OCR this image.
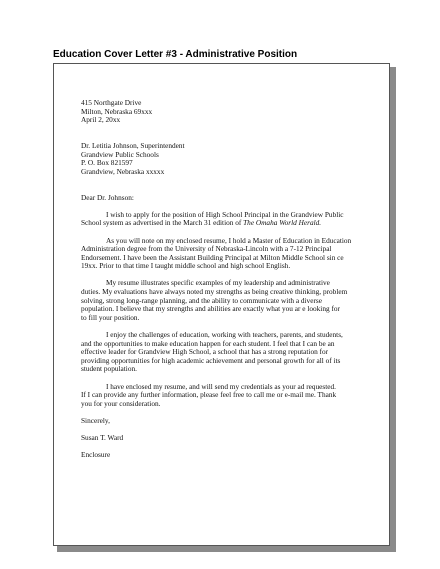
Education Cover Letter #3 - Administrative Position
415 Northgate Drive
Milton, Nebraska 69xxx
April 2, 20xx
Dr. Letitia Johnson, Superintendent
Grandview Public Schools
P. O. Box 821597
Grandview, Nebraska xxxxx
Dear Dr. Johnson:
I wish to apply for the position of High School Principal in the Grandview Public
School system as advertised in the March 31 edition of The Omaha World Herald.
As you will note on my enclosed resume, I hold a Master of Education in Education
Administration degree from the University of Nebraska-Lincoln with a 7-12 Principal
Endorsement. I have been the Assistant Building Principal at Milton Middle School sin ce
19xx. Prior to that time I taught middle school and high school English.
My resume illustrates specific examples of my leadership and administrative
duties. My evaluations have always noted my strengths as being creative thinking, problem
solving, strong long-range planning, and the ability to communicate with a diverse
population. I believe that my strengths and abilities are exactly what you ar e looking for
to fill your position.
I enjoy the challenges of education, working with teachers, parents, and students,
and the opportunities to make education happen for each student. I feel that I can be an
effective leader for Grandview High School, a school that has a strong reputation for
providing opportunities for high academic achievement and personal growth for all of its
student population.
I have enclosed my resume, and will send my credentials as your ad requested.
If I can provide any further information, please feel free to call me or e-mail me. Thank
you for your consideration.
Sincerely,
Susan T. Ward
Enclosure
